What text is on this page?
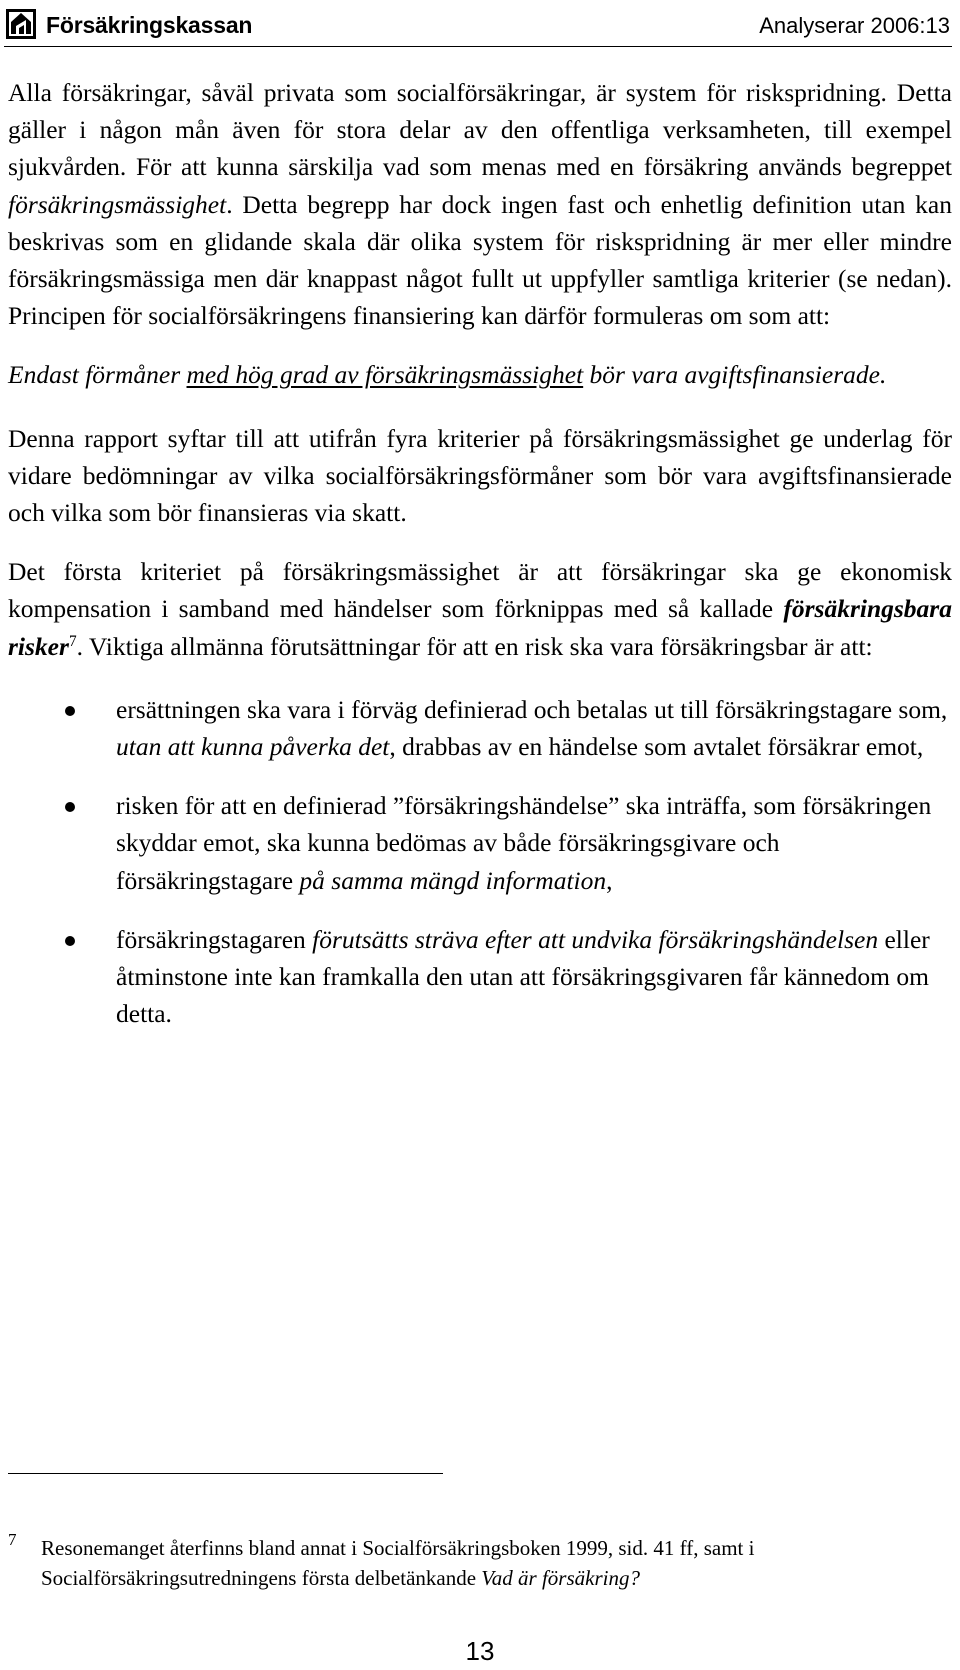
Försäkringskassan	Analyserar 2006:13

Alla försäkringar, såväl privata som socialförsäkringar, är system för riskspridning. Detta gäller i någon mån även för stora delar av den offentliga verksamheten, till exempel sjukvården. För att kunna särskilja vad som menas med en försäkring används begreppet försäkringsmässighet. Detta begrepp har dock ingen fast och enhetlig definition utan kan beskrivas som en glidande skala där olika system för riskspridning är mer eller mindre försäkringsmässiga men där knappast något fullt ut uppfyller samtliga kriterier (se nedan). Principen för socialförsäkringens finansiering kan därför formuleras om som att:

Endast förmåner med hög grad av försäkringsmässighet bör vara avgiftsfinansierade.

Denna rapport syftar till att utifrån fyra kriterier på försäkringsmässighet ge underlag för vidare bedömningar av vilka socialförsäkringsförmåner som bör vara avgiftsfinansierade och vilka som bör finansieras via skatt.

Det första kriteriet på försäkringsmässighet är att försäkringar ska ge ekonomisk kompensation i samband med händelser som förknippas med så kallade försäkringsbara risker$^7$. Viktiga allmänna förutsättningar för att en risk ska vara försäkringsbar är att:

ersättningen ska vara i förväg definierad och betalas ut till försäkringstagare som, utan att kunna påverka det, drabbas av en händelse som avtalet försäkrar emot,
risken för att en definierad ”försäkringshändelse” ska inträffa, som försäkringen skyddar emot, ska kunna bedömas av både försäkringsgivare och försäkringstagare på samma mängd information,
försäkringstagaren förutsätts sträva efter att undvika försäkringshändelsen eller åtminstone inte kan framkalla den utan att försäkringsgivaren får kännedom om detta.
7 Resonemanget återfinns bland annat i Socialförsäkringsboken 1999, sid. 41 ff, samt i Socialförsäkringsutredningens första delbetänkande Vad är försäkring?
13
